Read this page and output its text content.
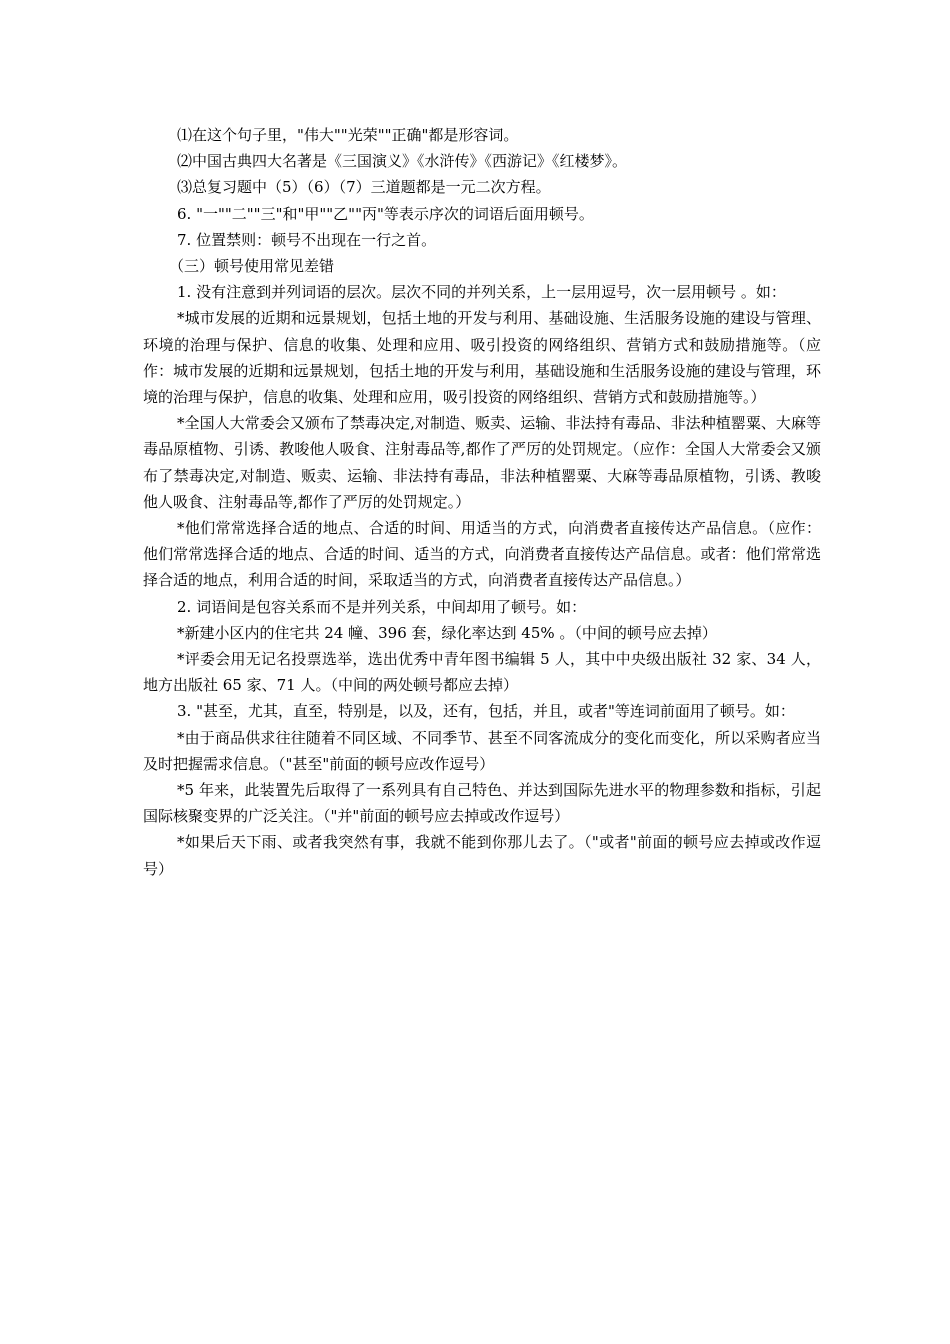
⑴在这个句子里，"伟大""光荣""正确"都是形容词。

⑵中国古典四大名著是《三国演义》《水浒传》《西游记》《红楼梦》。

⑶总复习题中（5）（6）（7）三道题都是一元二次方程。

6. "一""二""三"和"甲""乙""丙"等表示序次的词语后面用顿号。

7. 位置禁则：顿号不出现在一行之首。

（三）顿号使用常见差错

1. 没有注意到并列词语的层次。层次不同的并列关系，上一层用逗号，次一层用顿号 。如：

*城市发展的近期和远景规划，包括土地的开发与利用、基础设施、生活服务设施的建设与管理、环境的治理与保护、信息的收集、处理和应用、吸引投资的网络组织、营销方式和鼓励措施等。（应作：城市发展的近期和远景规划，包括土地的开发与利用，基础设施和生活服务设施的建设与管理，环境的治理与保护，信息的收集、处理和应用，吸引投资的网络组织、营销方式和鼓励措施等。）

*全国人大常委会又颁布了禁毒决定,对制造、贩卖、运输、非法持有毒品、非法种植罂粟、大麻等毒品原植物、引诱、教唆他人吸食、注射毒品等,都作了严厉的处罚规定。（应作：全国人大常委会又颁布了禁毒决定,对制造、贩卖、运输、非法持有毒品，非法种植罂粟、大麻等毒品原植物，引诱、教唆他人吸食、注射毒品等,都作了严厉的处罚规定。）

*他们常常选择合适的地点、合适的时间、用适当的方式，向消费者直接传达产品信息。（应作：他们常常选择合适的地点、合适的时间、适当的方式，向消费者直接传达产品信息。或者：他们常常选择合适的地点，利用合适的时间，采取适当的方式，向消费者直接传达产品信息。）

2. 词语间是包容关系而不是并列关系，中间却用了顿号。如：

*新建小区内的住宅共 24 幢、396 套，绿化率达到 45% 。（中间的顿号应去掉）

*评委会用无记名投票选举，选出优秀中青年图书编辑 5 人，其中中央级出版社 32 家、34 人，地方出版社 65 家、71 人。（中间的两处顿号都应去掉）

3. "甚至，尤其，直至，特别是，以及，还有，包括，并且，或者"等连词前面用了顿号。如：

*由于商品供求往往随着不同区域、不同季节、甚至不同客流成分的变化而变化，所以采购者应当及时把握需求信息。（"甚至"前面的顿号应改作逗号）

*5 年来，此装置先后取得了一系列具有自己特色、并达到国际先进水平的物理参数和指标，引起国际核聚变界的广泛关注。（"并"前面的顿号应去掉或改作逗号）

*如果后天下雨、或者我突然有事，我就不能到你那儿去了。（"或者"前面的顿号应去掉或改作逗号）
